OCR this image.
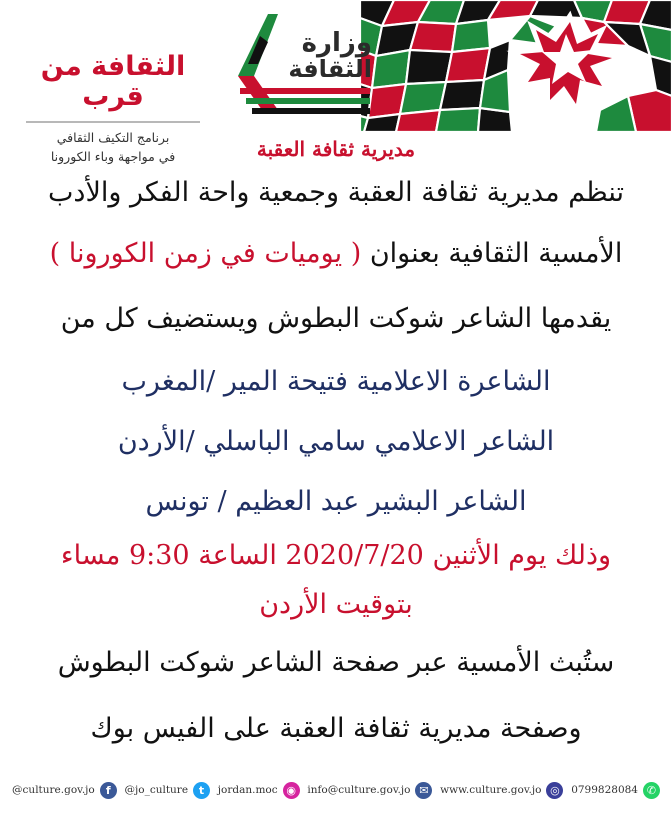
وزارة
الثقافة
الثقافة من قرب
برنامج التكيف الثقافي
في مواجهة وباء الكورونا	مديرية ثقافة العقبة
تنظم مديرية ثقافة العقبة وجمعية واحة الفكر والأدب
الأمسية الثقافية بعنوان ( يوميات في زمن الكورونا )
يقدمها الشاعر شوكت البطوش ويستضيف كل من
الشاعرة الاعلامية فتيحة المير /المغرب
الشاعر الاعلامي سامي الباسلي /الأردن
الشاعر البشير عبد العظيم / تونس
وذلك يوم الأثنين 2020/7/20 الساعة 9:30 مساء
بتوقيت الأردن
ستُبث الأمسية عبر صفحة الشاعر شوكت البطوش
وصفحة مديرية ثقافة العقبة على الفيس بوك
✆
0799828084
◎
www.culture.gov.jo
✉
info@culture.gov.jo
◉
jordan.moc
t
@jo_culture
f
@culture.gov.jo
